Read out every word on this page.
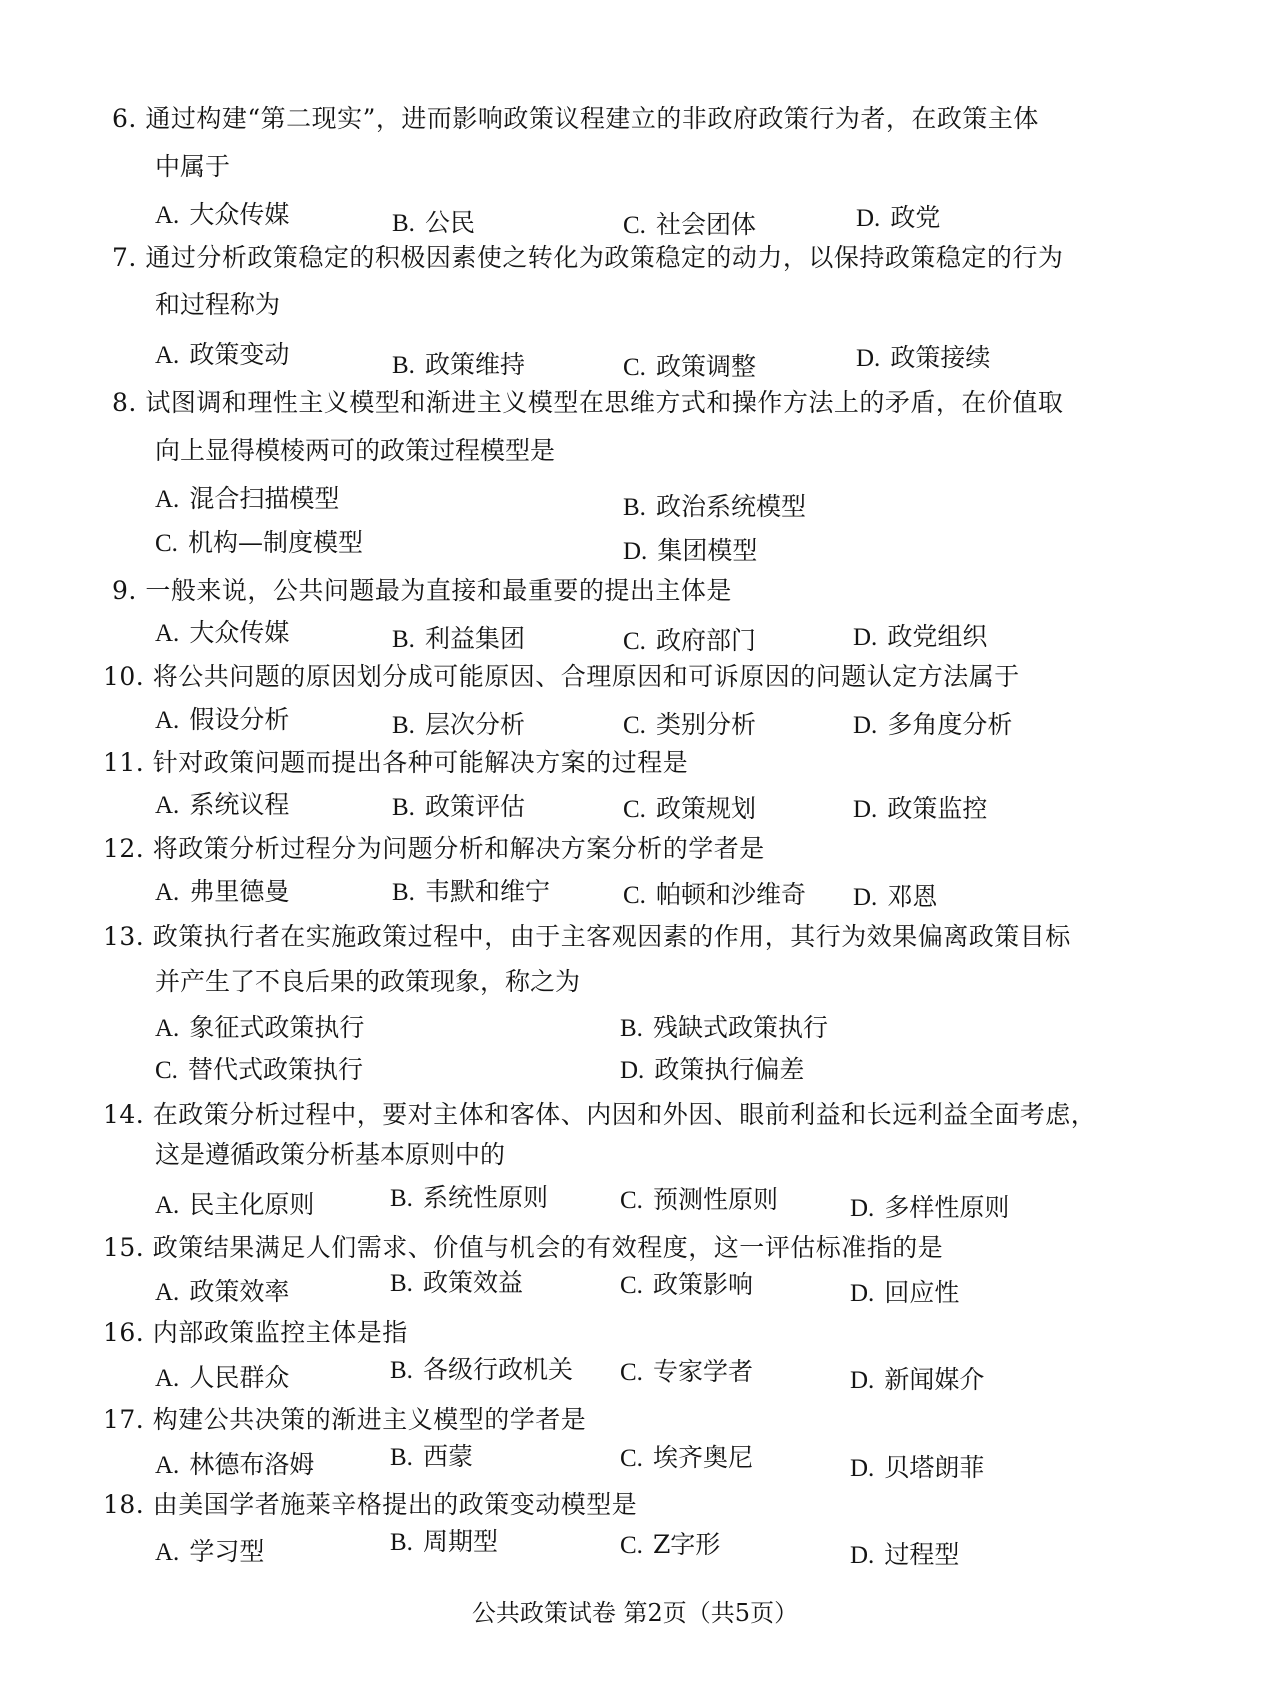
6. 通过构建“第二现实”，进而影响政策议程建立的非政府政策行为者，在政策主体
中属于
A. 大众传媒	B. 公民	C. 社会团体	D. 政党
7. 通过分析政策稳定的积极因素使之转化为政策稳定的动力，以保持政策稳定的行为
和过程称为
A. 政策变动	B. 政策维持	C. 政策调整	D. 政策接续
8. 试图调和理性主义模型和渐进主义模型在思维方式和操作方法上的矛盾，在价值取
向上显得模棱两可的政策过程模型是
A. 混合扫描模型	B. 政治系统模型
C. 机构—制度模型	D. 集团模型
9. 一般来说，公共问题最为直接和最重要的提出主体是
A. 大众传媒	B. 利益集团	C. 政府部门	D. 政党组织
10. 将公共问题的原因划分成可能原因、合理原因和可诉原因的问题认定方法属于
A. 假设分析	B. 层次分析	C. 类别分析	D. 多角度分析
11. 针对政策问题而提出各种可能解决方案的过程是
A. 系统议程	B. 政策评估	C. 政策规划	D. 政策监控
12. 将政策分析过程分为问题分析和解决方案分析的学者是
A. 弗里德曼	B. 韦默和维宁	C. 帕顿和沙维奇 D. 邓恩
13. 政策执行者在实施政策过程中，由于主客观因素的作用，其行为效果偏离政策目标
并产生了不良后果的政策现象，称之为
A. 象征式政策执行	B. 残缺式政策执行
C. 替代式政策执行	D. 政策执行偏差
14. 在政策分析过程中，要对主体和客体、内因和外因、眼前利益和长远利益全面考虑，
这是遵循政策分析基本原则中的
A. 民主化原则	B. 系统性原则	C. 预测性原则	D. 多样性原则
15. 政策结果满足人们需求、价值与机会的有效程度，这一评估标准指的是
A. 政策效率	B. 政策效益	C. 政策影响	D. 回应性
16. 内部政策监控主体是指
A. 人民群众	B. 各级行政机关 C. 专家学者	D. 新闻媒介
17. 构建公共决策的渐进主义模型的学者是
A. 林德布洛姆	B. 西蒙	C. 埃齐奥尼	D. 贝塔朗菲
18. 由美国学者施莱辛格提出的政策变动模型是
A. 学习型	B. 周期型	C. Z字形	D. 过程型
公共政策试卷 第2页（共5页）
